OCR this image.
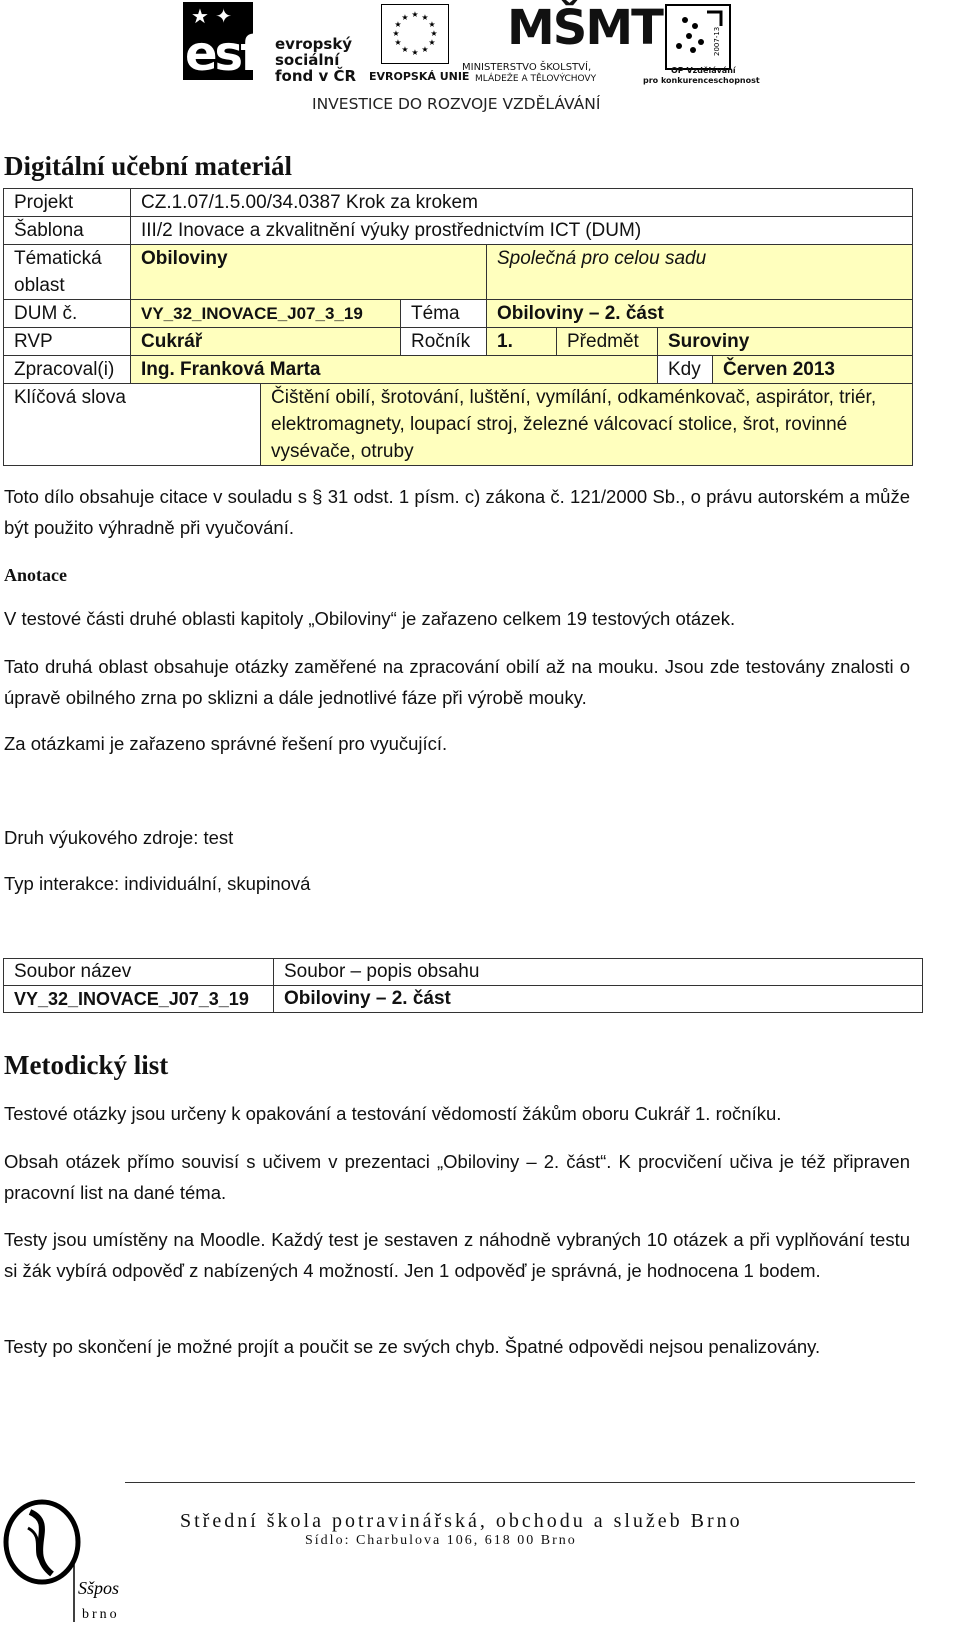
★ ✦
esf evropský
sociální
fond v ČR
★ ★
★
★
★
★
★
★
★
★
★
★
EVROPSKÁ UNIE
MŠMT
MINISTERSTVO ŠKOLSTVÍ,
MLÁDEŽE A TĚLOVÝCHOVY
2007-13
OP Vzdělávání
pro konkurenceschopnost
INVESTICE DO ROZVOJE VZDĚLÁVÁNÍ
Digitální učební materiál
Projekt	CZ.1.07/1.5.00/34.0387 Krok za krokem						
Šablona	III/2 Inovace a zkvalitnění výuky prostřednictvím ICT (DUM)						

Tématická
oblast	Obiloviny			Společná pro celou sadu			
DUM č.	VY_32_INOVACE_J07_3_19		Téma	Obiloviny – 2. část			
RVP	Cukrář		Ročník	1.	Předmět	Suroviny	
Zpracoval(i)	Ing. Franková Marta					Kdy	Červen 2013
Klíčová slova		Čištění obilí, šrotování, luštění, vymílání, odkaménkovač, aspirátor, triér, elektromagnety, loupací stroj, železné válcovací stolice, šrot, rovinné vysévače, otruby					

Toto dílo obsahuje citace v souladu s § 31 odst. 1 písm. c) zákona č. 121/2000 Sb., o právu autorském a může být použito výhradně při vyučování.

Anotace

V testové části druhé oblasti kapitoly „Obiloviny“ je zařazeno celkem 19 testových otázek.

Tato druhá oblast obsahuje otázky zaměřené na zpracování obilí až na mouku. Jsou zde testovány znalosti o úpravě obilného zrna po sklizni a dále jednotlivé fáze při výrobě mouky.

Za otázkami je zařazeno správné řešení pro vyučující.

Druh výukového zdroje: test

Typ interakce: individuální, skupinová

Soubor název	Soubor – popis obsahu
VY_32_INOVACE_J07_3_19	Obiloviny – 2. část
Metodický list

Testové otázky jsou určeny k opakování a testování vědomostí žákům oboru Cukrář 1. ročníku.

Obsah otázek přímo souvisí s učivem v prezentaci „Obiloviny – 2. část“. K procvičení učiva je též připraven pracovní list na dané téma.

Testy jsou umístěny na Moodle. Každý test je sestaven z náhodně vybraných 10 otázek a při vyplňování testu si žák vybírá odpověď z nabízených 4 možností. Jen 1 odpověď je správná, je hodnocena 1 bodem.

Testy po skončení je možné projít a poučit se ze svých chyb. Špatné odpovědi nejsou penalizovány.

Sšpos
brno
Střední škola potravinářská, obchodu a služeb Brno
Sídlo: Charbulova 106, 618 00 Brno
